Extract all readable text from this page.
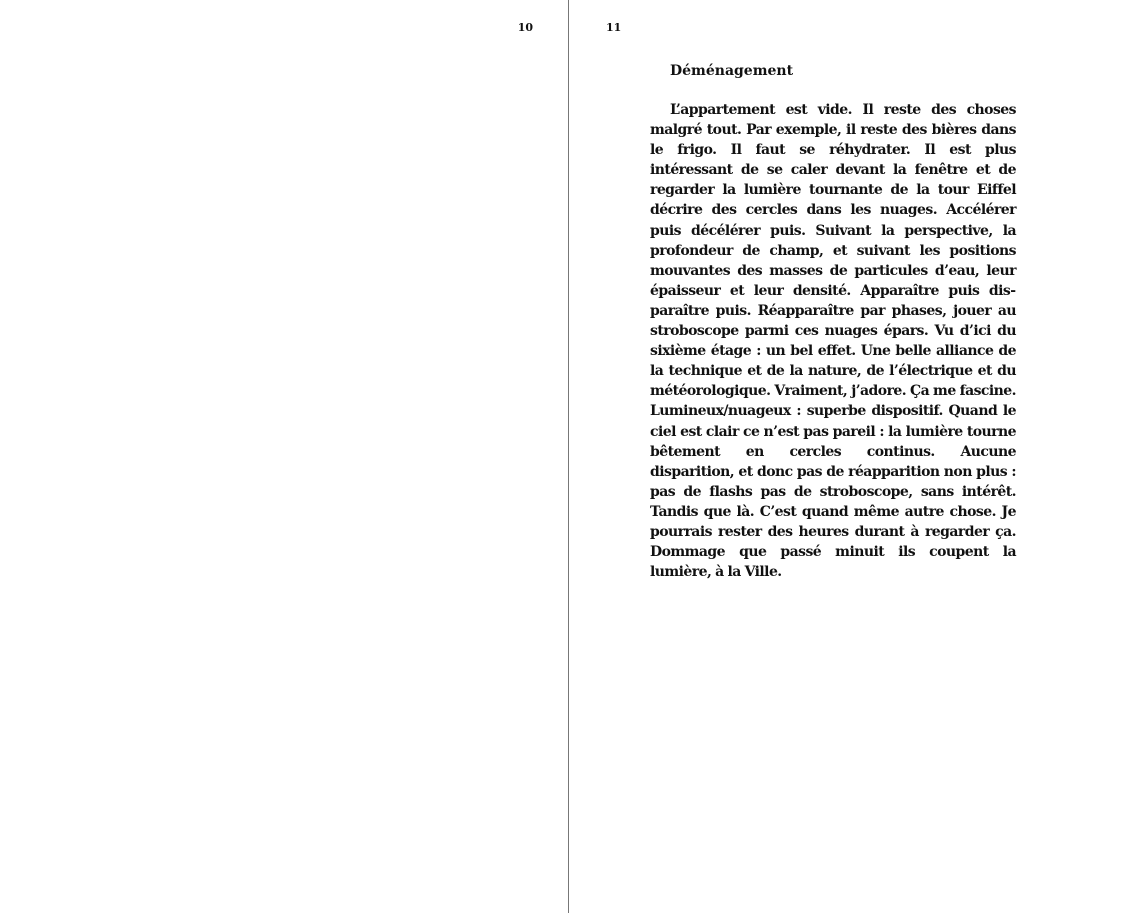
10	11

Déménagement

L’appartement est vide. Il reste des choses malgré tout. Par exemple, il reste des bières dans le frigo. Il faut se réhydrater. Il est plus intéressant de se caler devant la fenêtre et de regarder la lumière tournante de la tour Eiffel décrire des cercles dans les nuages. Accélérer puis décélérer puis. Suivant la perspective, la profondeur de champ, et suivant les positions mouvantes des masses de particules d’eau, leur épaisseur et leur densité. Apparaître puis disparaître puis. Réapparaître par phases, jouer au stroboscope parmi ces nuages épars. Vu d’ici du sixième étage : un bel effet. Une belle alliance de la technique et de la nature, de l’électrique et du météorologique. Vraiment, j’adore. Ça me fascine. Lumineux/nuageux : superbe dispositif. Quand le ciel est clair ce n’est pas pareil : la lumière tourne bêtement en cercles continus. Aucune disparition, et donc pas de réapparition non plus : pas de flashs pas de stroboscope, sans intérêt. Tandis que là. C’est quand même autre chose. Je pourrais rester des heures durant à regarder ça. Dommage que passé minuit ils coupent la lumière, à la Ville.
